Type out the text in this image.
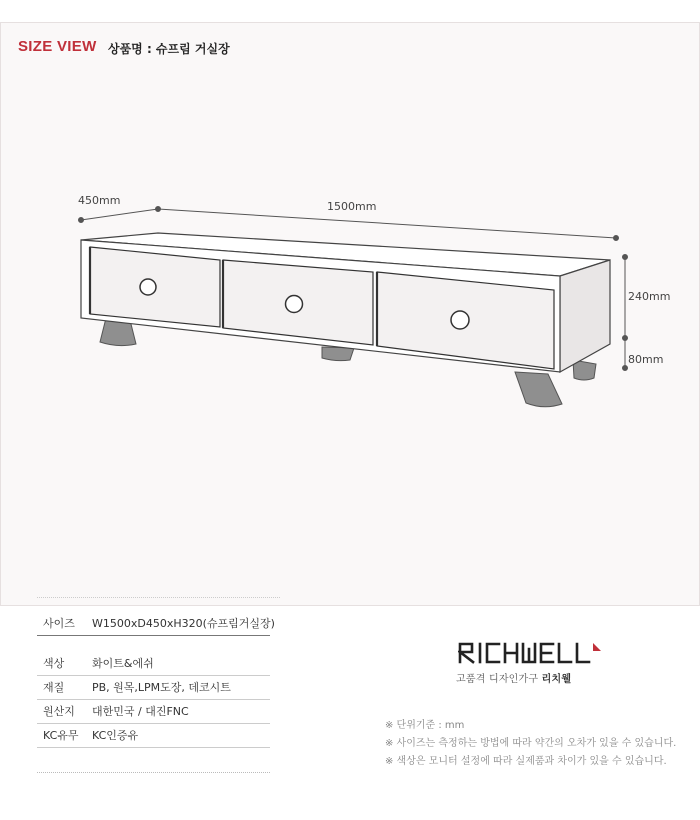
SIZE VIEW 상품명 : 슈프림 거실장
450mm	1500mm
240mm
80mm
사이즈 W1500xD450xH320(슈프림거실장)
색상	화이트&에쉬
재질	PB, 원목,LPM도장, 데코시트
원산지 대한민국 / 대진FNC
KC유무 KC인증유
고품격 디자인가구 리치웰
※ 단위기준 : mm
※ 사이즈는 측정하는 방법에 따라 약간의 오차가 있을 수 있습니다.
※ 색상은 모니터 설정에 따라 실제품과 차이가 있을 수 있습니다.
